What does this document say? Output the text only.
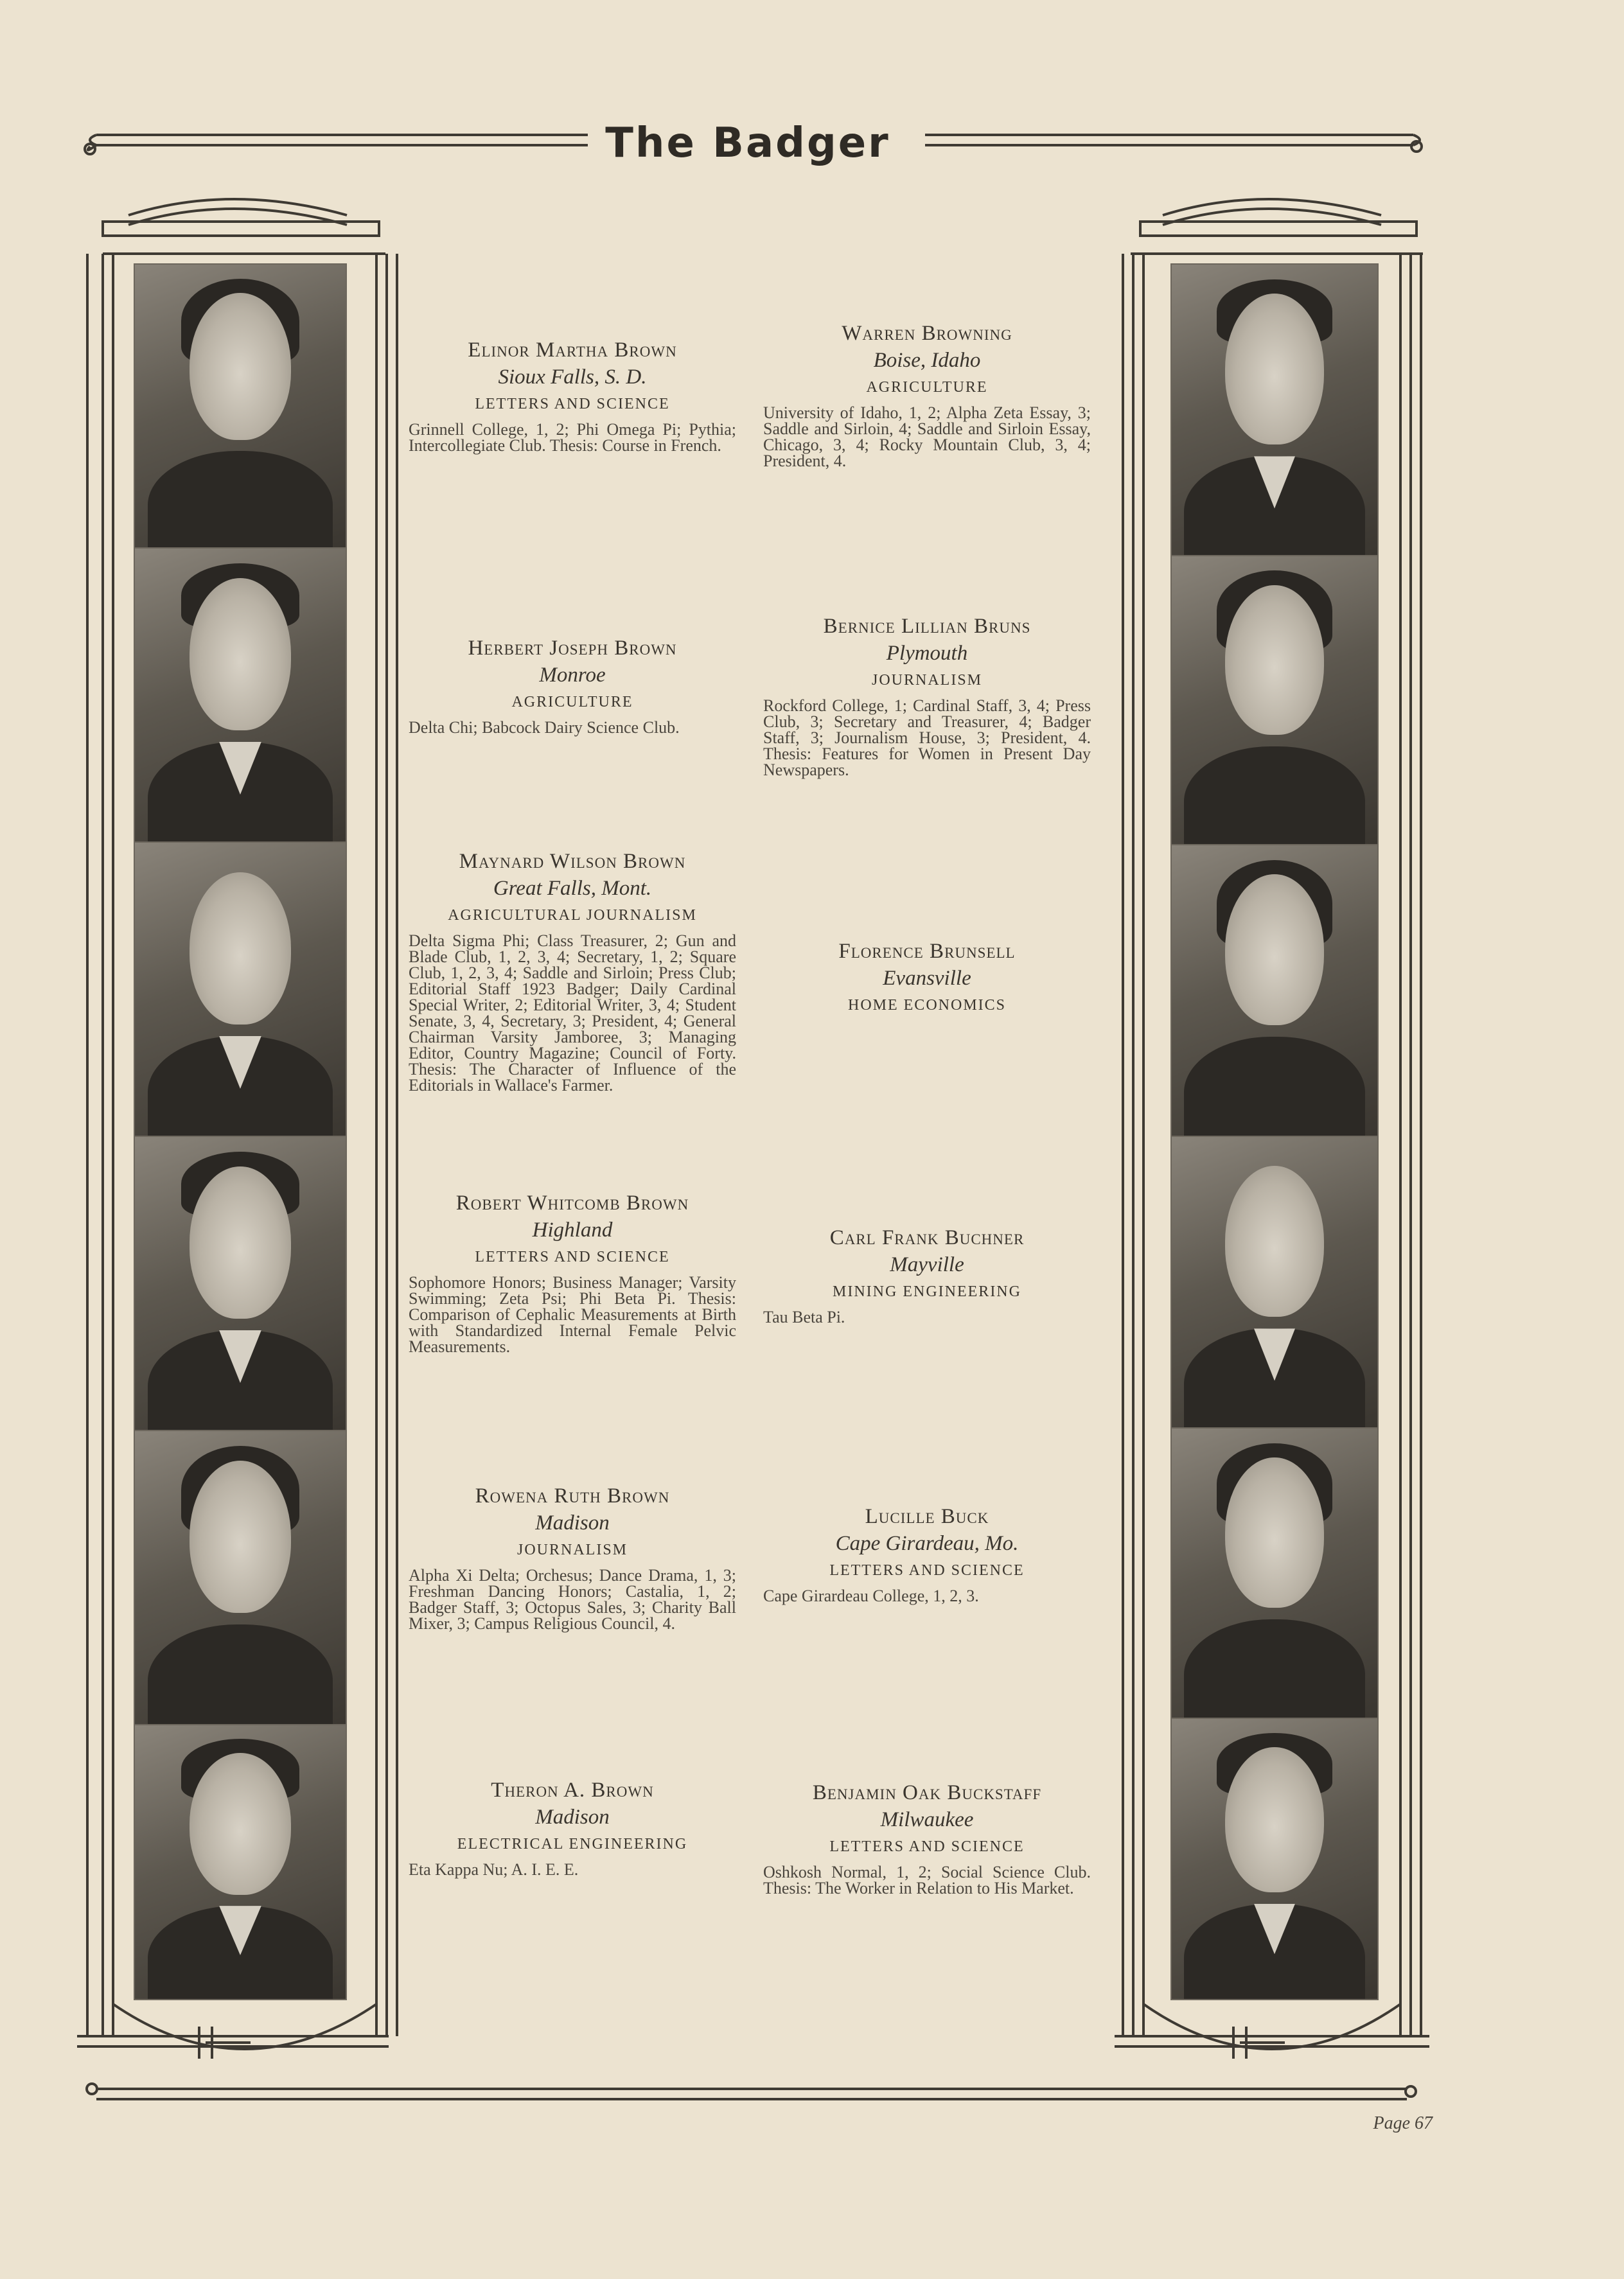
The Badger
Elinor Martha Brown
Sioux Falls, S. D.
LETTERS AND SCIENCE
Grinnell College, 1, 2; Phi Omega Pi; Pythia; Intercollegiate Club. Thesis: Course in French.
Herbert Joseph Brown
Monroe
AGRICULTURE
Delta Chi; Babcock Dairy Science Club.
Maynard Wilson Brown
Great Falls, Mont.
AGRICULTURAL JOURNALISM
Delta Sigma Phi; Class Treasurer, 2; Gun and Blade Club, 1, 2, 3, 4; Secretary, 1, 2; Square Club, 1, 2, 3, 4; Saddle and Sirloin; Press Club; Editorial Staff 1923 Badger; Daily Cardinal Special Writer, 2; Editorial Writer, 3, 4; Student Senate, 3, 4, Secretary, 3; President, 4; General Chairman Varsity Jamboree, 3; Managing Editor, Country Magazine; Council of Forty. Thesis: The Character of Influence of the Editorials in Wallace's Farmer.
Robert Whitcomb Brown
Highland
LETTERS AND SCIENCE
Sophomore Honors; Business Manager; Varsity Swimming; Zeta Psi; Phi Beta Pi. Thesis: Comparison of Cephalic Measurements at Birth with Standardized Internal Female Pelvic Measurements.
Rowena Ruth Brown
Madison
JOURNALISM
Alpha Xi Delta; Orchesus; Dance Drama, 1, 3; Freshman Dancing Honors; Castalia, 1, 2; Badger Staff, 3; Octopus Sales, 3; Charity Ball Mixer, 3; Campus Religious Council, 4.
Theron A. Brown
Madison
ELECTRICAL ENGINEERING
Eta Kappa Nu; A. I. E. E.
Warren Browning
Boise, Idaho
AGRICULTURE
University of Idaho, 1, 2; Alpha Zeta Essay, 3; Saddle and Sirloin, 4; Saddle and Sirloin Essay, Chicago, 3, 4; Rocky Mountain Club, 3, 4; President, 4.
Bernice Lillian Bruns
Plymouth
JOURNALISM
Rockford College, 1; Cardinal Staff, 3, 4; Press Club, 3; Secretary and Treasurer, 4; Badger Staff, 3; Journalism House, 3; President, 4. Thesis: Features for Women in Present Day Newspapers.
Florence Brunsell
Evansville
HOME ECONOMICS
Carl Frank Buchner
Mayville
MINING ENGINEERING
Tau Beta Pi.
Lucille Buck
Cape Girardeau, Mo.
LETTERS AND SCIENCE
Cape Girardeau College, 1, 2, 3.
Benjamin Oak Buckstaff
Milwaukee
LETTERS AND SCIENCE
Oshkosh Normal, 1, 2; Social Science Club. Thesis: The Worker in Relation to His Market.
Page 67
